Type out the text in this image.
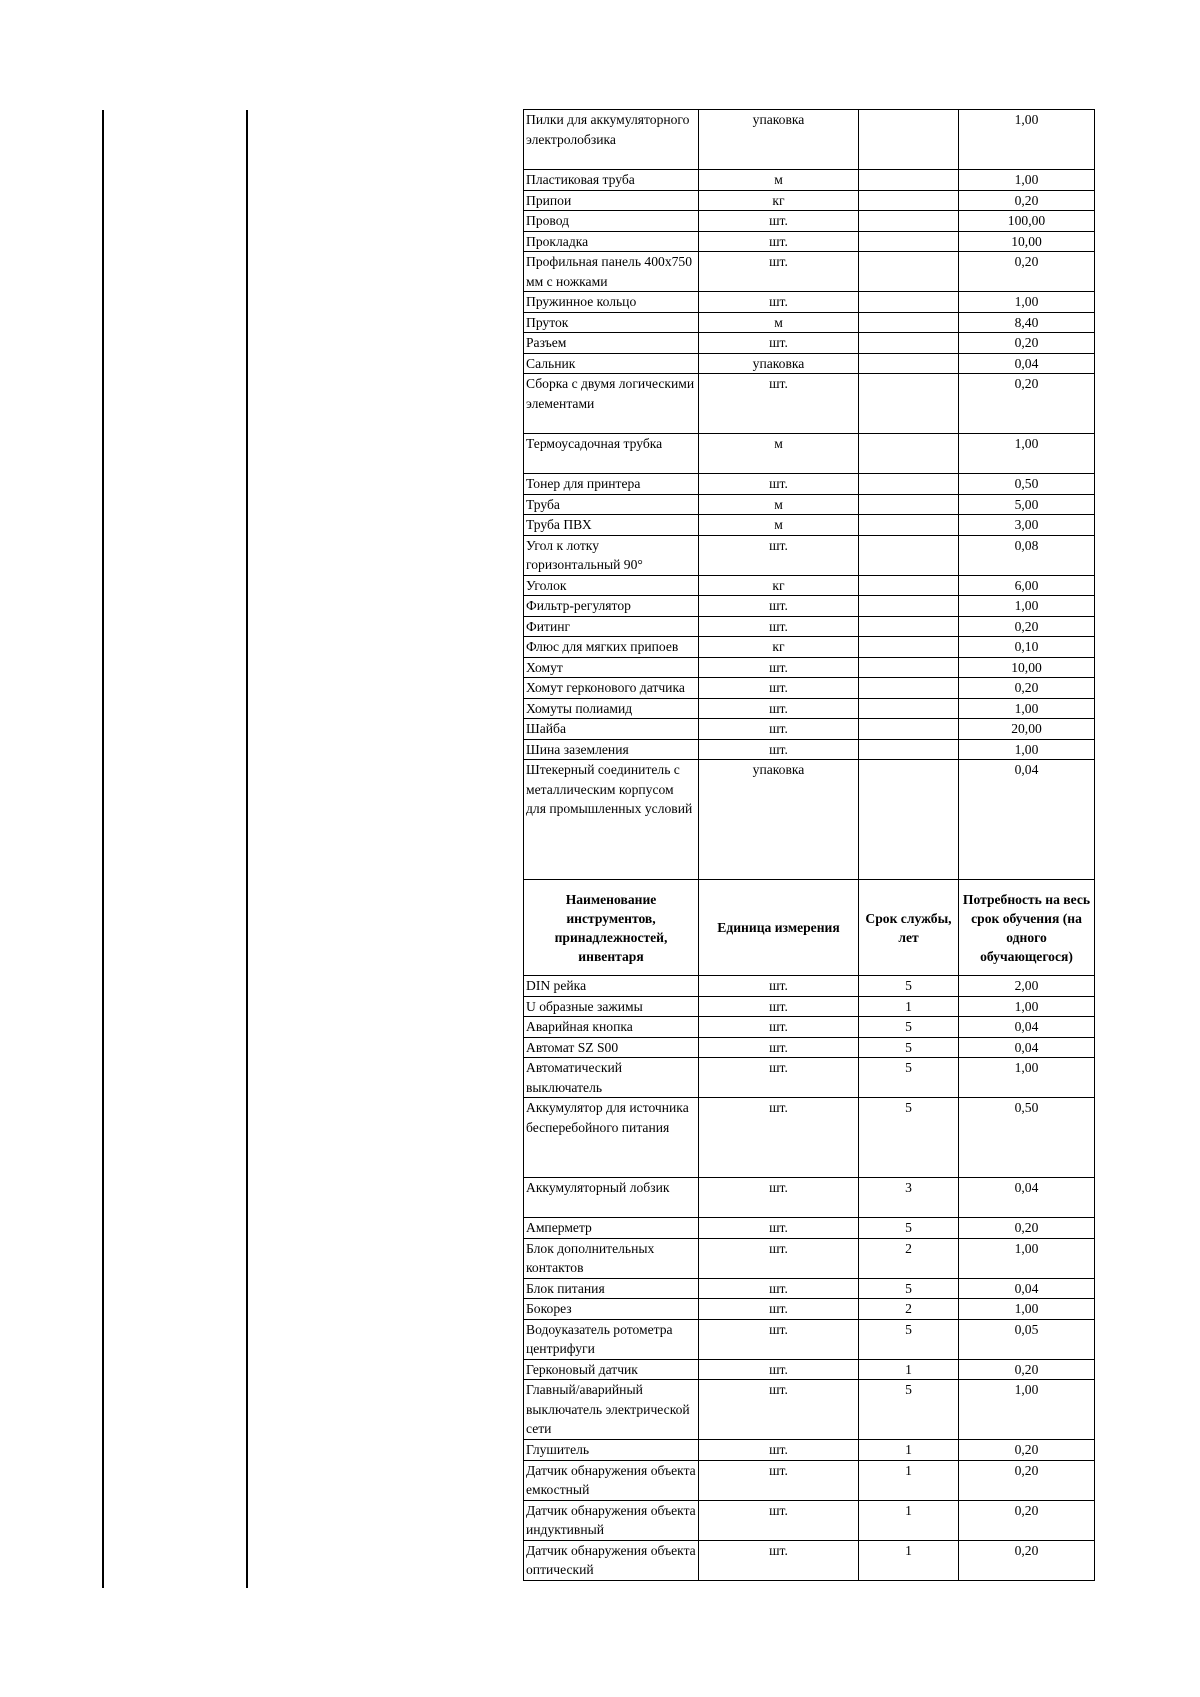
Пилки для аккумуляторного электролобзика	упаковка		1,00
Пластиковая труба	м		1,00
Припои	кг		0,20
Провод	шт.		100,00
Прокладка	шт.		10,00
Профильная панель 400x750 мм с ножками	шт.		0,20
Пружинное кольцо	шт.		1,00
Пруток	м		8,40
Разъем	шт.		0,20
Сальник	упаковка		0,04
Сборка с двумя логическими элементами	шт.		0,20
Термоусадочная трубка	м		1,00
Тонер для принтера	шт.		0,50
Труба	м		5,00
Труба ПВХ	м		3,00
Угол к лотку горизонтальный 90°	шт.		0,08
Уголок	кг		6,00
Фильтр-регулятор	шт.		1,00
Фитинг	шт.		0,20
Флюс для мягких припоев	кг		0,10
Хомут	шт.		10,00
Хомут герконового датчика	шт.		0,20
Хомуты полиамид	шт.		1,00
Шайба	шт.		20,00
Шина заземления	шт.		1,00
Штекерный соединитель с металлическим корпусом для промышленных условий	упаковка		0,04
Наименование инструментов, принадлежностей, инвентаря	Единица измерения	Срок службы, лет	Потребность на весь срок обучения (на одного обучающегося)
DIN рейка	шт.	5	2,00
U образные зажимы	шт.	1	1,00
Аварийная кнопка	шт.	5	0,04
Автомат SZ S00	шт.	5	0,04
Автоматический выключатель	шт.	5	1,00
Аккумулятор для источника бесперебойного питания	шт.	5	0,50
Аккумуляторный лобзик	шт.	3	0,04
Амперметр	шт.	5	0,20
Блок дополнительных контактов	шт.	2	1,00
Блок питания	шт.	5	0,04
Бокорез	шт.	2	1,00
Водоуказатель ротометра центрифуги	шт.	5	0,05
Герконовый датчик	шт.	1	0,20
Главный/аварийный выключатель электрической сети	шт.	5	1,00
Глушитель	шт.	1	0,20
Датчик обнаружения объекта емкостный	шт.	1	0,20
Датчик обнаружения объекта индуктивный	шт.	1	0,20
Датчик обнаружения объекта оптический	шт.	1	0,20
